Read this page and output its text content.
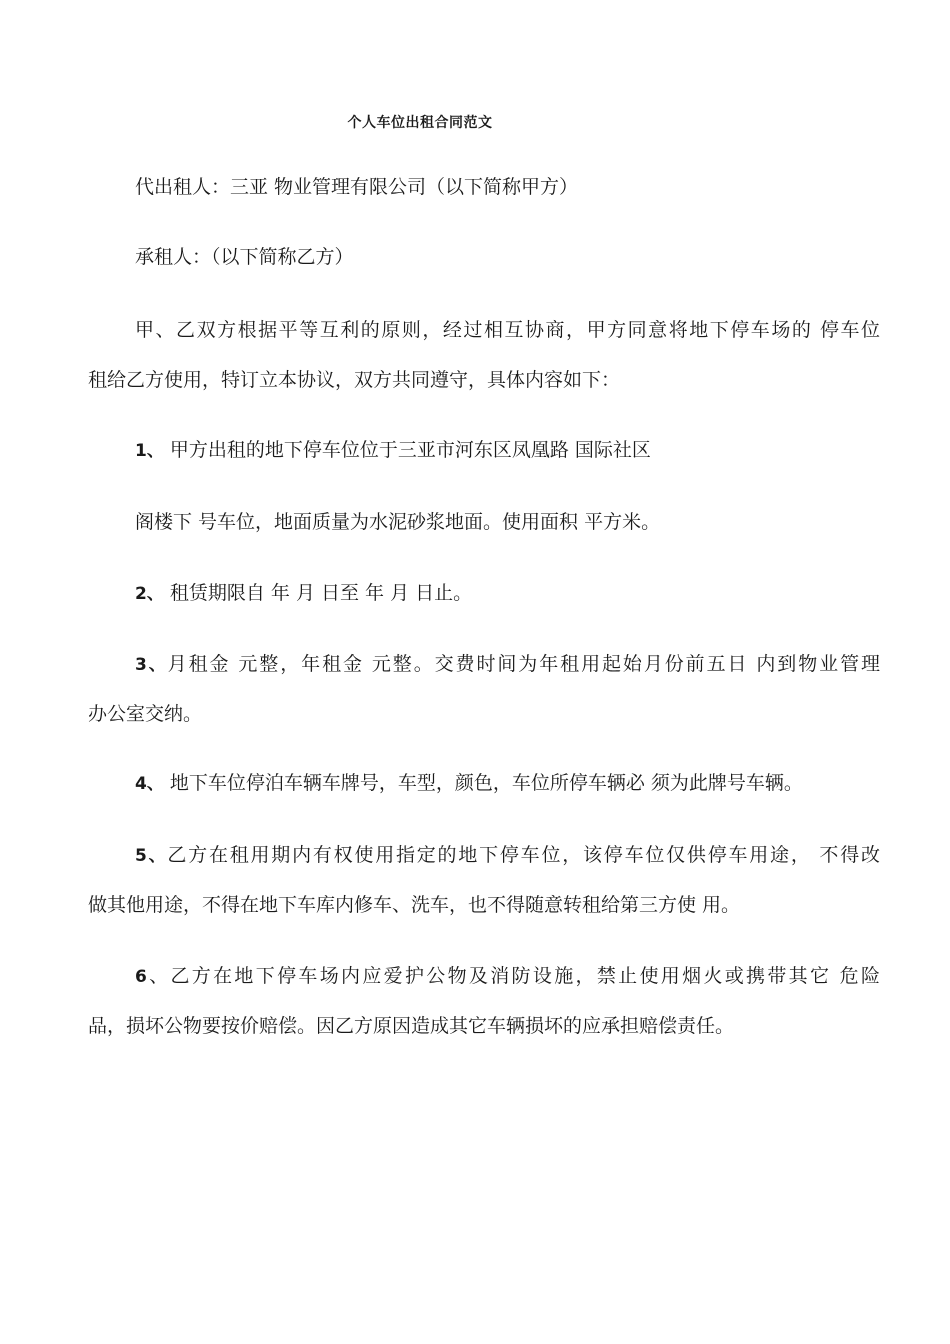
个人车位出租合同范文
代出租人：三亚 物业管理有限公司（以下简称甲方）
承租人：（以下简称乙方）
甲、乙双方根据平等互利的原则，经过相互协商，甲方同意将地下停车场的 停车位
租给乙方使用，特订立本协议，双方共同遵守，具体内容如下：
1、 甲方出租的地下停车位位于三亚市河东区凤凰路 国际社区
阁楼下 号车位，地面质量为水泥砂浆地面。使用面积 平方米。
2、 租赁期限自 年 月 日至 年 月 日止。
3、月租金 元整，年租金 元整。交费时间为年租用起始月份前五日 内到物业管理
办公室交纳。
4、 地下车位停泊车辆车牌号，车型，颜色，车位所停车辆必 须为此牌号车辆。
5、乙方在租用期内有权使用指定的地下停车位，该停车位仅供停车用途， 不得改
做其他用途，不得在地下车库内修车、洗车，也不得随意转租给第三方使 用。
6、乙方在地下停车场内应爱护公物及消防设施，禁止使用烟火或携带其它 危险
品，损坏公物要按价赔偿。因乙方原因造成其它车辆损坏的应承担赔偿责任。
